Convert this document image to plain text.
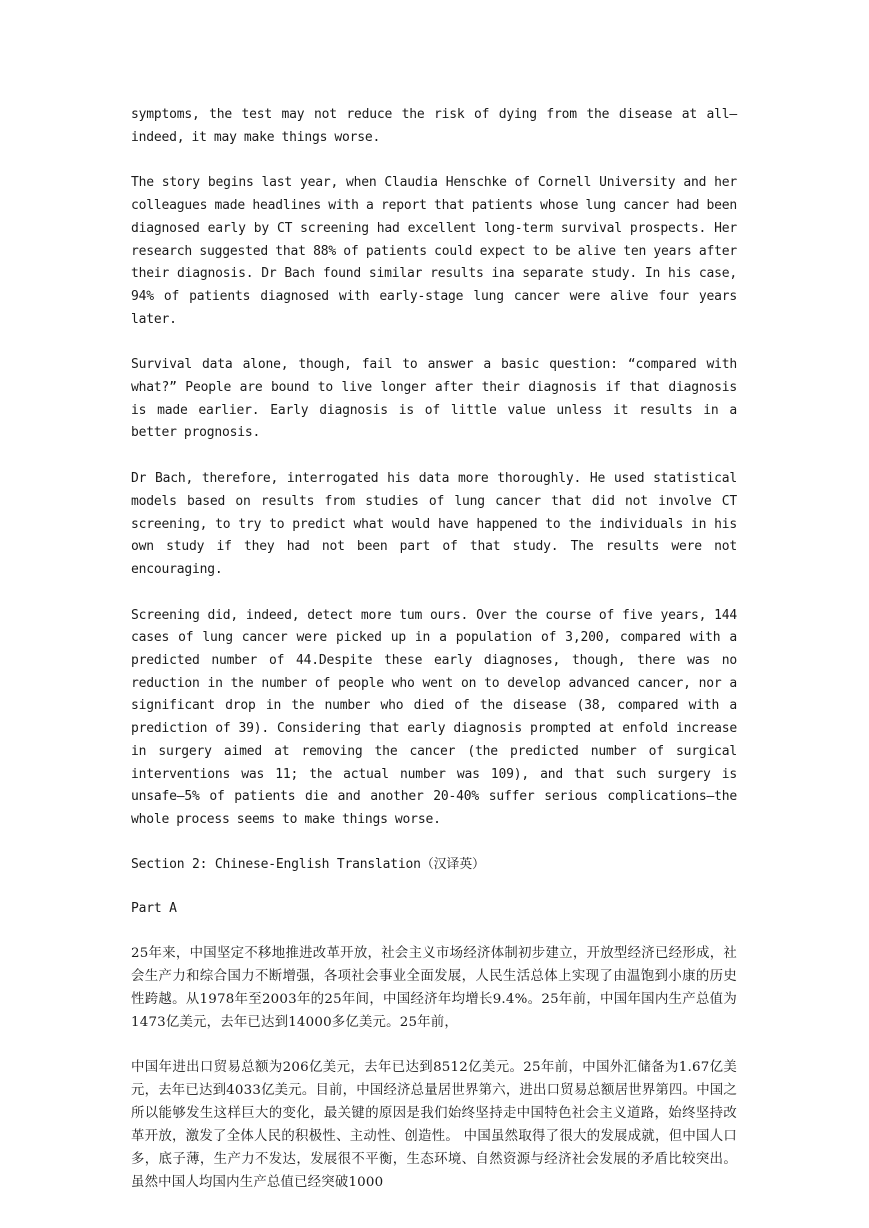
symptoms, the test may not reduce the risk of dying from the disease at all—indeed, it may make things worse.

The story begins last year, when Claudia Henschke of Cornell University and her colleagues made headlines with a report that patients whose lung cancer had been diagnosed early by CT screening had excellent long-term survival prospects. Her research suggested that 88% of patients could expect to be alive ten years after their diagnosis. Dr Bach found similar results ina separate study. In his case, 94% of patients diagnosed with early-stage lung cancer were alive four years later.

Survival data alone, though, fail to answer a basic question: “compared with what?” People are bound to live longer after their diagnosis if that diagnosis is made earlier. Early diagnosis is of little value unless it results in a better prognosis.

Dr Bach, therefore, interrogated his data more thoroughly. He used statistical models based on results from studies of lung cancer that did not involve CT screening, to try to predict what would have happened to the individuals in his own study if they had not been part of that study. The results were not encouraging.

Screening did, indeed, detect more tum ours. Over the course of five years, 144 cases of lung cancer were picked up in a population of 3,200, compared with a predicted number of 44.Despite these early diagnoses, though, there was no reduction in the number of people who went on to develop advanced cancer, nor a significant drop in the number who died of the disease (38, compared with a prediction of 39). Considering that early diagnosis prompted at enfold increase in surgery aimed at removing the cancer (the predicted number of surgical interventions was 11; the actual number was 109), and that such surgery is unsafe—5% of patients die and another 20-40% suffer serious complications—the whole process seems to make things worse.

Section 2: Chinese-English Translation（汉译英）

Part A

25年来，中国坚定不移地推进改革开放，社会主义市场经济体制初步建立，开放型经济已经形成，社会生产力和综合国力不断增强，各项社会事业全面发展，人民生活总体上实现了由温饱到小康的历史性跨越。从1978年至2003年的25年间，中国经济年均增长9.4%。25年前，中国年国内生产总值为1473亿美元，去年已达到14000多亿美元。25年前，

中国年进出口贸易总额为206亿美元，去年已达到8512亿美元。25年前，中国外汇储备为1.67亿美元，去年已达到4033亿美元。目前，中国经济总量居世界第六，进出口贸易总额居世界第四。中国之所以能够发生这样巨大的变化，最关键的原因是我们始终坚持走中国特色社会主义道路，始终坚持改革开放，激发了全体人民的积极性、主动性、创造性。 中国虽然取得了很大的发展成就，但中国人口多，底子薄，生产力不发达，发展很不平衡，生态环境、自然资源与经济社会发展的矛盾比较突出。虽然中国人均国内生产总值已经突破1000
